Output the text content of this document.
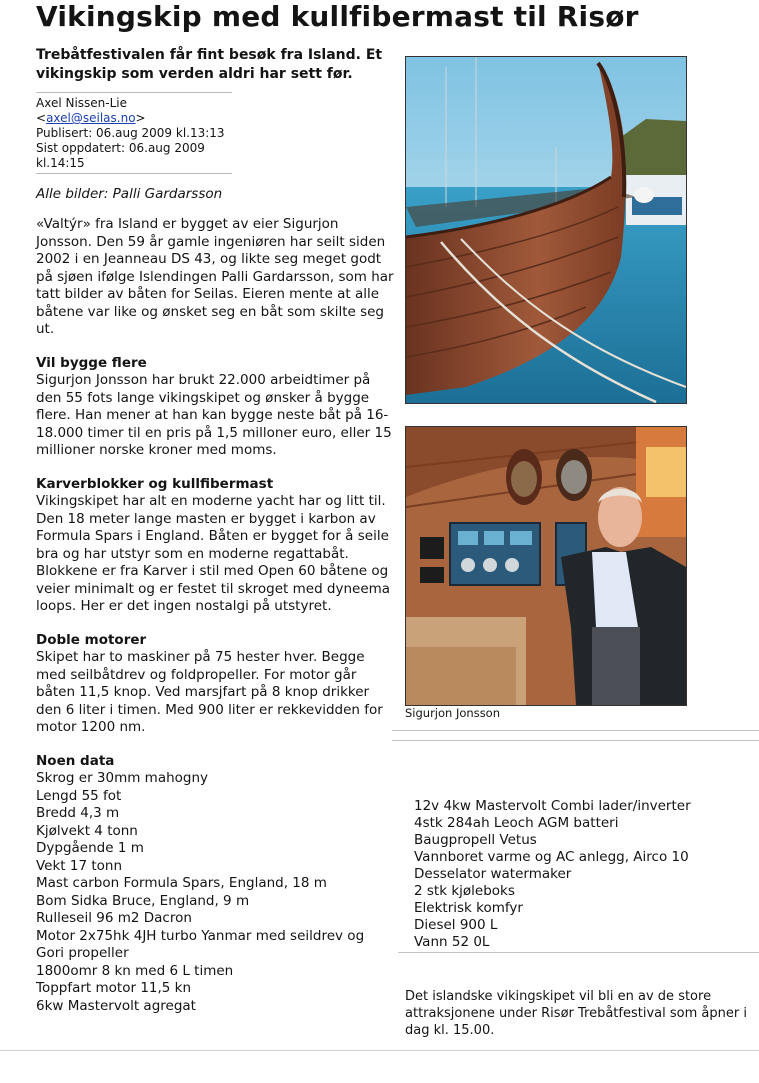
Vikingskip med kullfibermast til Risør

Trebåtfestivalen får fint besøk fra Island. Et vikingskip som verden aldri har sett før.

Axel Nissen-Lie
<axel@seilas.no>
Publisert: 06.aug 2009 kl.13:13
Sist oppdatert: 06.aug 2009
kl.14:15
Alle bilder: Palli Gardarsson

«Valtýr» fra Island er bygget av eier Sigurjon Jonsson. Den 59 år gamle ingeniøren har seilt siden 2002 i en Jeanneau DS 43, og likte seg meget godt på sjøen ifølge Islendingen Palli Gardarsson, som har tatt bilder av båten for Seilas. Eieren mente at alle båtene var like og ønsket seg en båt som skilte seg ut.

Vil bygge flere

Sigurjon Jonsson har brukt 22.000 arbeidtimer på den 55 fots lange vikingskipet og ønsker å bygge flere. Han mener at han kan bygge neste båt på 16-18.000 timer til en pris på 1,5 milloner euro, eller 15 millioner norske kroner med moms.

Karverblokker og kullfibermast

Vikingskipet har alt en moderne yacht har og litt til. Den 18 meter lange masten er bygget i karbon av Formula Spars i England. Båten er bygget for å seile bra og har utstyr som en moderne regattabåt. Blokkene er fra Karver i stil med Open 60 båtene og veier minimalt og er festet til skroget med dyneema loops. Her er det ingen nostalgi på utstyret.

Doble motorer

Skipet har to maskiner på 75 hester hver. Begge med seilbåtdrev og foldpropeller. For motor går båten 11,5 knop. Ved marsjfart på 8 knop drikker den 6 liter i timen. Med 900 liter er rekkevidden for motor 1200 nm.

Noen data
Skrog er 30mm mahogny
Lengd 55 fot
Bredd 4,3 m
Kjølvekt 4 tonn
Dypgående 1 m
Vekt 17 tonn
Mast carbon Formula Spars, England, 18 m
Bom Sidka Bruce, England, 9 m
Rulleseil 96 m2 Dacron
Motor 2x75hk 4JH turbo Yanmar med seildrev og
Gori propeller
1800omr 8 kn med 6 L timen
Toppfart motor 11,5 kn
6kw Mastervolt agregat
Sigurjon Jonsson
12v 4kw Mastervolt Combi lader/inverter
4stk 284ah Leoch AGM batteri
Baugpropell Vetus
Vannboret varme og AC anlegg, Airco 10
Desselator watermaker
2 stk kjøleboks
Elektrisk komfyr
Diesel 900 L
Vann 52 0L
Det islandske vikingskipet vil bli en av de store attraksjonene under Risør Trebåtfestival som åpner i dag kl. 15.00.
